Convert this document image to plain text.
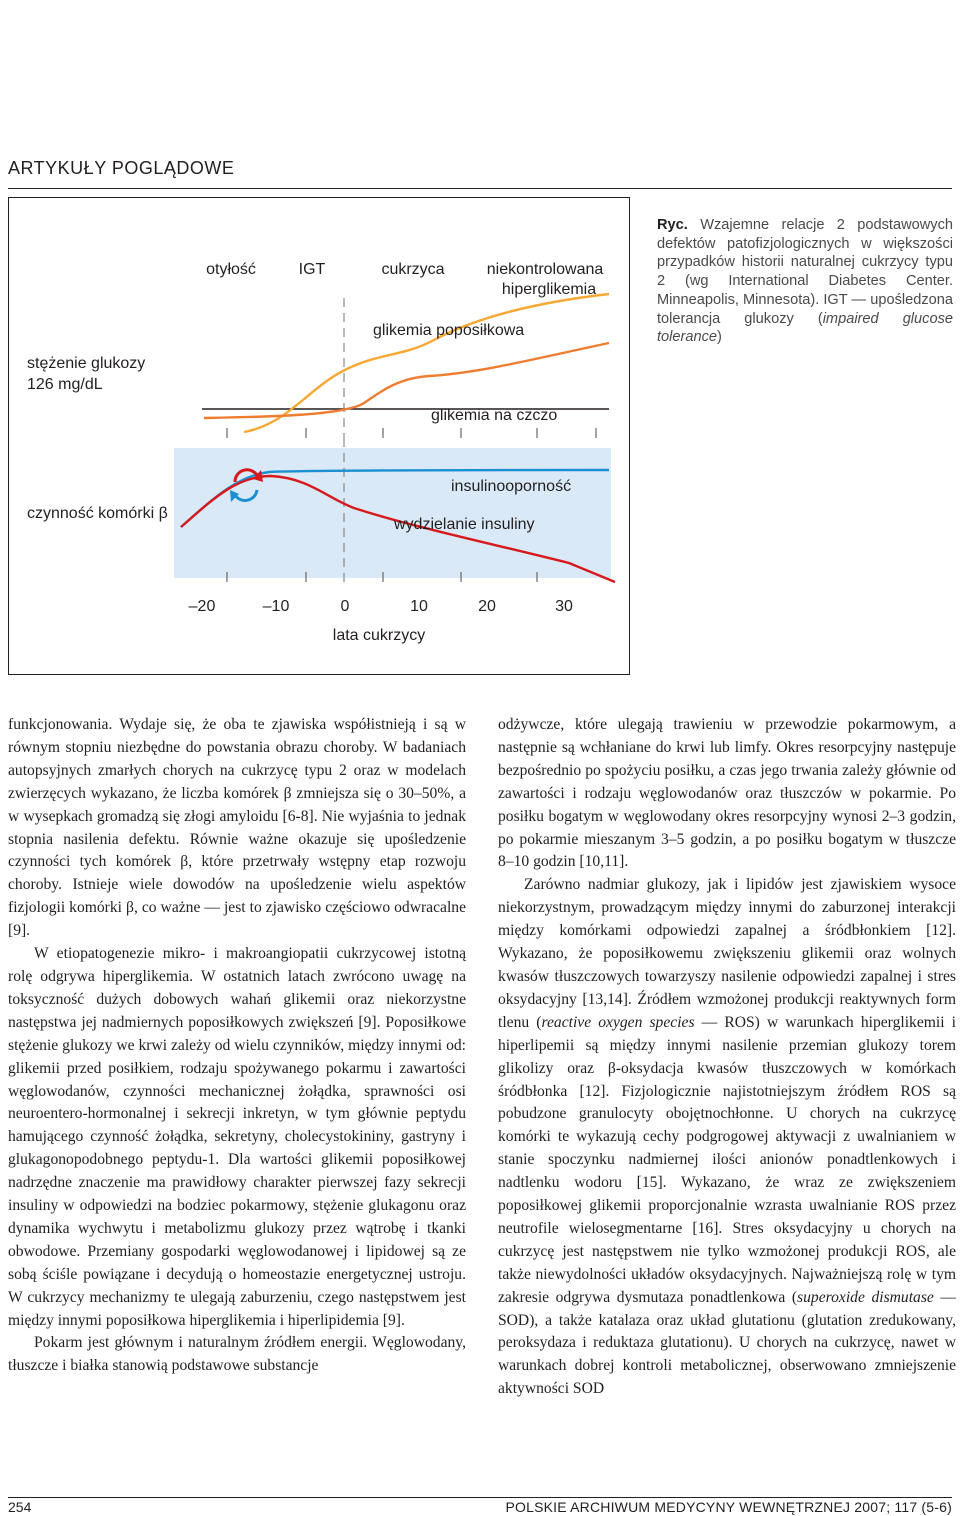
ARTYKUŁY POGLĄDOWE
otyłość	IGT	cukrzyca	niekontrolowana
hiperglikemia
stężenie glukozy
126 mg/dL
glikemia poposiłkowa
glikemia na czczo
czynność komórki β
insulinooporność
wydzielanie insuliny
–20	–10	0	10	20	30
lata cukrzycy
Ryc. Wzajemne relacje 2 podstawowych defektów patofizjologicznych w większości przypadków historii naturalnej cukrzycy typu 2 (wg International Diabetes Center. Minneapolis, Minnesota). IGT — upośledzona tolerancja glukozy (impaired glucose tolerance)

funkcjonowania. Wydaje się, że oba te zjawiska współistnieją i są w równym stopniu niezbędne do powstania obrazu choroby. W badaniach autopsyjnych zmarłych chorych na cukrzycę typu 2 oraz w modelach zwierzęcych wykazano, że liczba komórek β zmniejsza się o 30–50%, a w wysepkach gromadzą się złogi amyloidu [6-8]. Nie wyjaśnia to jednak stopnia nasilenia defektu. Równie ważne okazuje się upośledzenie czynności tych komórek β, które przetrwały wstępny etap rozwoju choroby. Istnieje wiele dowodów na upośledzenie wielu aspektów fizjologii komórki β, co ważne — jest to zjawisko częściowo odwracalne [9].

W etiopatogenezie mikro- i makroangiopatii cukrzycowej istotną rolę odgrywa hiperglikemia. W ostatnich latach zwrócono uwagę na toksyczność dużych dobowych wahań glikemii oraz niekorzystne następstwa jej nadmiernych poposiłkowych zwiększeń [9]. Poposiłkowe stężenie glukozy we krwi zależy od wielu czynników, między innymi od: glikemii przed posiłkiem, rodzaju spożywanego pokarmu i zawartości węglowodanów, czynności mechanicznej żołądka, sprawności osi neuroentero-hormonalnej i sekrecji inkretyn, w tym głównie peptydu hamującego czynność żołądka, sekretyny, cholecystokininy, gastryny i glukagonopodobnego peptydu-1. Dla wartości glikemii poposiłkowej nadrzędne znaczenie ma prawidłowy charakter pierwszej fazy sekrecji insuliny w odpowiedzi na bodziec pokarmowy, stężenie glukagonu oraz dynamika wychwytu i metabolizmu glukozy przez wątrobę i tkanki obwodowe. Przemiany gospodarki węglowodanowej i lipidowej są ze sobą ściśle powiązane i decydują o homeostazie energetycznej ustroju. W cukrzycy mechanizmy te ulegają zaburzeniu, czego następstwem jest między innymi poposiłkowa hiperglikemia i hiperlipidemia [9].

Pokarm jest głównym i naturalnym źródłem energii. Węglowodany, tłuszcze i białka stanowią podstawowe substancje

odżywcze, które ulegają trawieniu w przewodzie pokarmowym, a następnie są wchłaniane do krwi lub limfy. Okres resorpcyjny następuje bezpośrednio po spożyciu posiłku, a czas jego trwania zależy głównie od zawartości i rodzaju węglowodanów oraz tłuszczów w pokarmie. Po posiłku bogatym w węglowodany okres resorpcyjny wynosi 2–3 godzin, po pokarmie mieszanym 3–5 godzin, a po posiłku bogatym w tłuszcze 8–10 godzin [10,11].

Zarówno nadmiar glukozy, jak i lipidów jest zjawiskiem wysoce niekorzystnym, prowadzącym między innymi do zaburzonej interakcji między komórkami odpowiedzi zapalnej a śródbłonkiem [12]. Wykazano, że poposiłkowemu zwiększeniu glikemii oraz wolnych kwasów tłuszczowych towarzyszy nasilenie odpowiedzi zapalnej i stres oksydacyjny [13,14]. Źródłem wzmożonej produkcji reaktywnych form tlenu (reactive oxygen species — ROS) w warunkach hiperglikemii i hiperlipemii są między innymi nasilenie przemian glukozy torem glikolizy oraz β-oksydacja kwasów tłuszczowych w komórkach śródbłonka [12]. Fizjologicznie najistotniejszym źródłem ROS są pobudzone granulocyty obojętnochłonne. U chorych na cukrzycę komórki te wykazują cechy podgrogowej aktywacji z uwalnianiem w stanie spoczynku nadmiernej ilości anionów ponadtlenkowych i nadtlenku wodoru [15]. Wykazano, że wraz ze zwiększeniem poposiłkowej glikemii proporcjonalnie wzrasta uwalnianie ROS przez neutrofile wielosegmentarne [16]. Stres oksydacyjny u chorych na cukrzycę jest następstwem nie tylko wzmożonej produkcji ROS, ale także niewydolności układów oksydacyjnych. Najważniejszą rolę w tym zakresie odgrywa dysmutaza ponadtlenkowa (superoxide dismutase — SOD), a także katalaza oraz układ glutationu (glutation zredukowany, peroksydaza i reduktaza glutationu). U chorych na cukrzycę, nawet w warunkach dobrej kontroli metabolicznej, obserwowano zmniejszenie aktywności SOD

254	POLSKIE ARCHIWUM MEDYCYNY WEWNĘTRZNEJ 2007; 117 (5-6)
